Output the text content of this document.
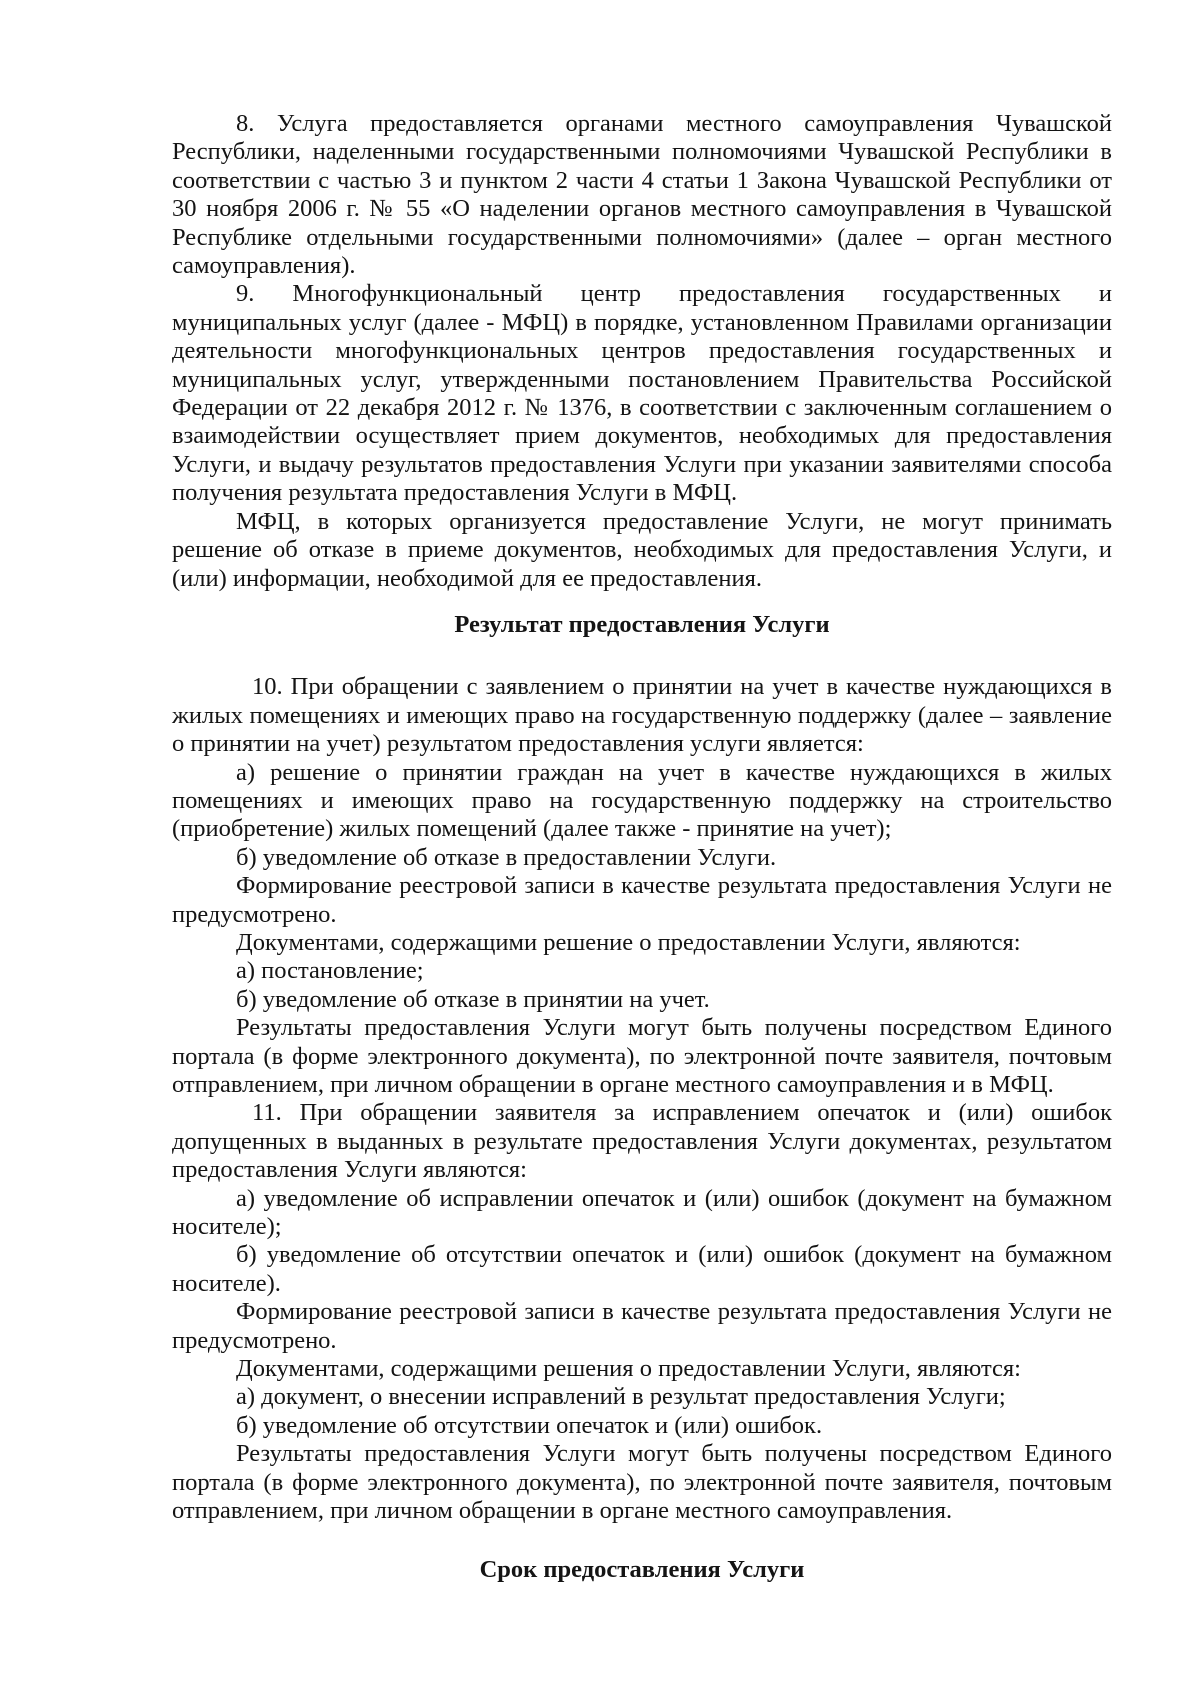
8. Услуга предоставляется органами местного самоуправления Чувашской Республики, наделенными государственными полномочиями Чувашской Республики в соответствии с частью 3 и пунктом 2 части 4 статьи 1 Закона Чувашской Республики от 30 ноября 2006 г. № 55 «О наделении органов местного самоуправления в Чувашской Республике отдельными государственными полномочиями» (далее – орган местного самоуправления).

9. Многофункциональный центр предоставления государственных и муниципальных услуг (далее - МФЦ) в порядке, установленном Правилами организации деятельности многофункциональных центров предоставления государственных и муниципальных услуг, утвержденными постановлением Правительства Российской Федерации от 22 декабря 2012 г. № 1376, в соответствии с заключенным соглашением о взаимодействии осуществляет прием документов, необходимых для предоставления Услуги, и выдачу результатов предоставления Услуги при указании заявителями способа получения результата предоставления Услуги в МФЦ.

МФЦ, в которых организуется предоставление Услуги, не могут принимать решение об отказе в приеме документов, необходимых для предоставления Услуги, и (или) информации, необходимой для ее предоставления.

Результат предоставления Услуги

10. При обращении с заявлением о принятии на учет в качестве нуждающихся в жилых помещениях и имеющих право на государственную поддержку (далее – заявление о принятии на учет) результатом предоставления услуги является:

а) решение о принятии граждан на учет в качестве нуждающихся в жилых помещениях и имеющих право на государственную поддержку на строительство (приобретение) жилых помещений (далее также - принятие на учет);

б) уведомление об отказе в предоставлении Услуги.

Формирование реестровой записи в качестве результата предоставления Услуги не предусмотрено.

Документами, содержащими решение о предоставлении Услуги, являются:

а) постановление;

б) уведомление об отказе в принятии на учет.

Результаты предоставления Услуги могут быть получены посредством Единого портала (в форме электронного документа), по электронной почте заявителя, почтовым отправлением, при личном обращении в органе местного самоуправления и в МФЦ.

11. При обращении заявителя за исправлением опечаток и (или) ошибок допущенных в выданных в результате предоставления Услуги документах, результатом предоставления Услуги являются:

а) уведомление об исправлении опечаток и (или) ошибок (документ на бумажном носителе);

б) уведомление об отсутствии опечаток и (или) ошибок (документ на бумажном носителе).

Формирование реестровой записи в качестве результата предоставления Услуги не предусмотрено.

Документами, содержащими решения о предоставлении Услуги, являются:

а) документ, о внесении исправлений в результат предоставления Услуги;

б) уведомление об отсутствии опечаток и (или) ошибок.

Результаты предоставления Услуги могут быть получены посредством Единого портала (в форме электронного документа), по электронной почте заявителя, почтовым отправлением, при личном обращении в органе местного самоуправления.

Срок предоставления Услуги
